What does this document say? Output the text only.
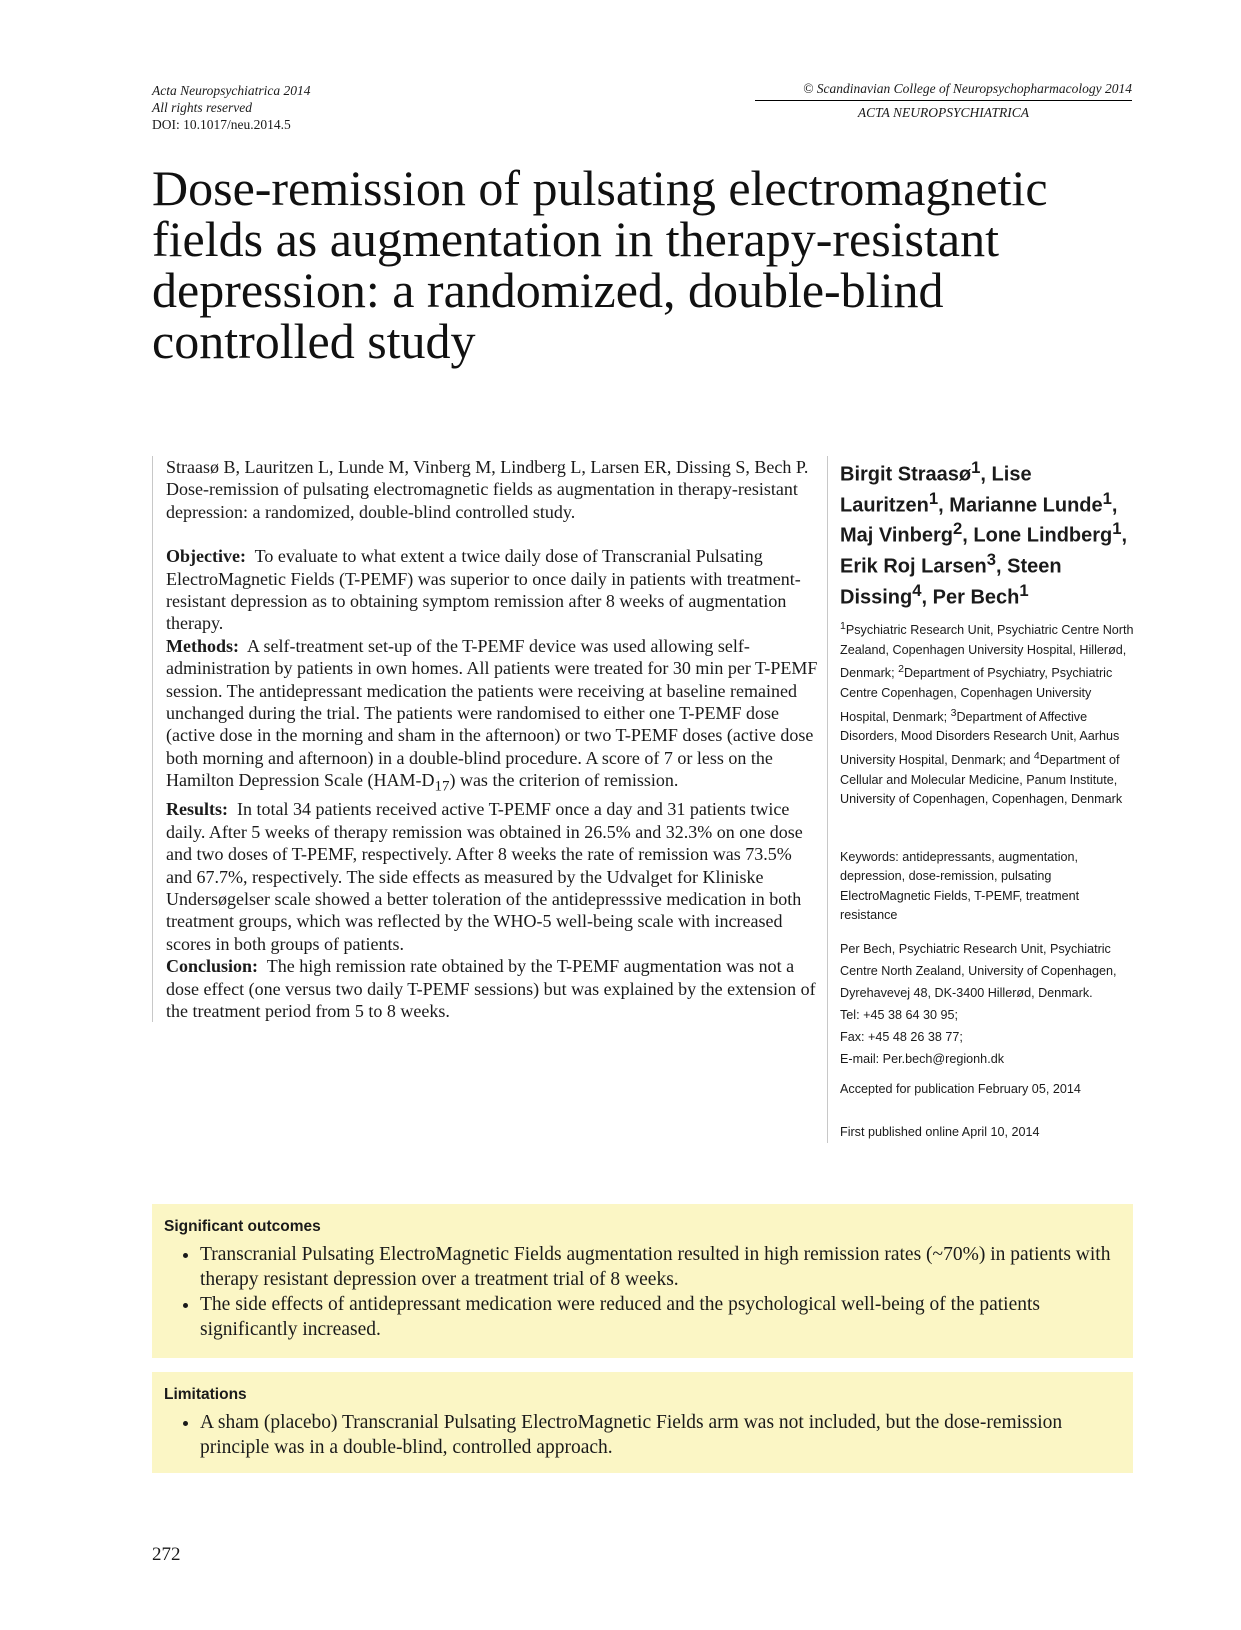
Acta Neuropsychiatrica 2014
All rights reserved
DOI: 10.1017/neu.2014.5
© Scandinavian College of Neuropsychopharmacology 2014
ACTA NEUROPSYCHIATRICA
Dose-remission of pulsating electromagnetic fields as augmentation in therapy-resistant depression: a randomized, double-blind controlled study

Straasø B, Lauritzen L, Lunde M, Vinberg M, Lindberg L, Larsen ER, Dissing S, Bech P. Dose-remission of pulsating electromagnetic fields as augmentation in therapy-resistant depression: a randomized, double-blind controlled study.

Objective: To evaluate to what extent a twice daily dose of Transcranial Pulsating ElectroMagnetic Fields (T-PEMF) was superior to once daily in patients with treatment-resistant depression as to obtaining symptom remission after 8 weeks of augmentation therapy.

Methods: A self-treatment set-up of the T-PEMF device was used allowing self-administration by patients in own homes. All patients were treated for 30 min per T-PEMF session. The antidepressant medication the patients were receiving at baseline remained unchanged during the trial. The patients were randomised to either one T-PEMF dose (active dose in the morning and sham in the afternoon) or two T-PEMF doses (active dose both morning and afternoon) in a double-blind procedure. A score of 7 or less on the Hamilton Depression Scale $(HAM-D_{17})$ was the criterion of remission.

Results: In total 34 patients received active T-PEMF once a day and 31 patients twice daily. After 5 weeks of therapy remission was obtained in 26.5% and 32.3% on one dose and two doses of T-PEMF, respectively. After 8 weeks the rate of remission was 73.5% and 67.7%, respectively. The side effects as measured by the Udvalget for Kliniske Undersøgelser scale showed a better toleration of the antidepresssive medication in both treatment groups, which was reflected by the WHO-5 well-being scale with increased scores in both groups of patients.

Conclusion: The high remission rate obtained by the T-PEMF augmentation was not a dose effect (one versus two daily T-PEMF sessions) but was explained by the extension of the treatment period from 5 to 8 weeks.

Birgit Straasø$^1$, Lise Lauritzen$^1$, Marianne Lunde$^1$, Maj Vinberg$^2$, Lone Lindberg$^1$, Erik Roj Larsen$^3$, Steen Dissing$^4$, Per Bech$^1$

$^1$Psychiatric Research Unit, Psychiatric Centre North Zealand, Copenhagen University Hospital, Hillerød, Denmark; $^2$Department of Psychiatry, Psychiatric Centre Copenhagen, Copenhagen University Hospital, Denmark; $^3$Department of Affective Disorders, Mood Disorders Research Unit, Aarhus University Hospital, Denmark; and $^4$Department of Cellular and Molecular Medicine, Panum Institute, University of Copenhagen, Copenhagen, Denmark

Keywords: antidepressants, augmentation, depression, dose-remission, pulsating ElectroMagnetic Fields, T-PEMF, treatment resistance

Per Bech, Psychiatric Research Unit, Psychiatric Centre North Zealand, University of Copenhagen, Dyrehavevej 48, DK-3400 Hillerød, Denmark.
Tel: +45 38 64 30 95;
Fax: +45 48 26 38 77;
E-mail: Per.bech@regionh.dk

Accepted for publication February 05, 2014

First published online April 10, 2014

Significant outcomes
• Transcranial Pulsating ElectroMagnetic Fields augmentation resulted in high remission rates (~70%) in patients with therapy resistant depression over a treatment trial of 8 weeks.
• The side effects of antidepressant medication were reduced and the psychological well-being of the patients significantly increased.
Limitations
• A sham (placebo) Transcranial Pulsating ElectroMagnetic Fields arm was not included, but the dose-remission principle was in a double-blind, controlled approach.
272
